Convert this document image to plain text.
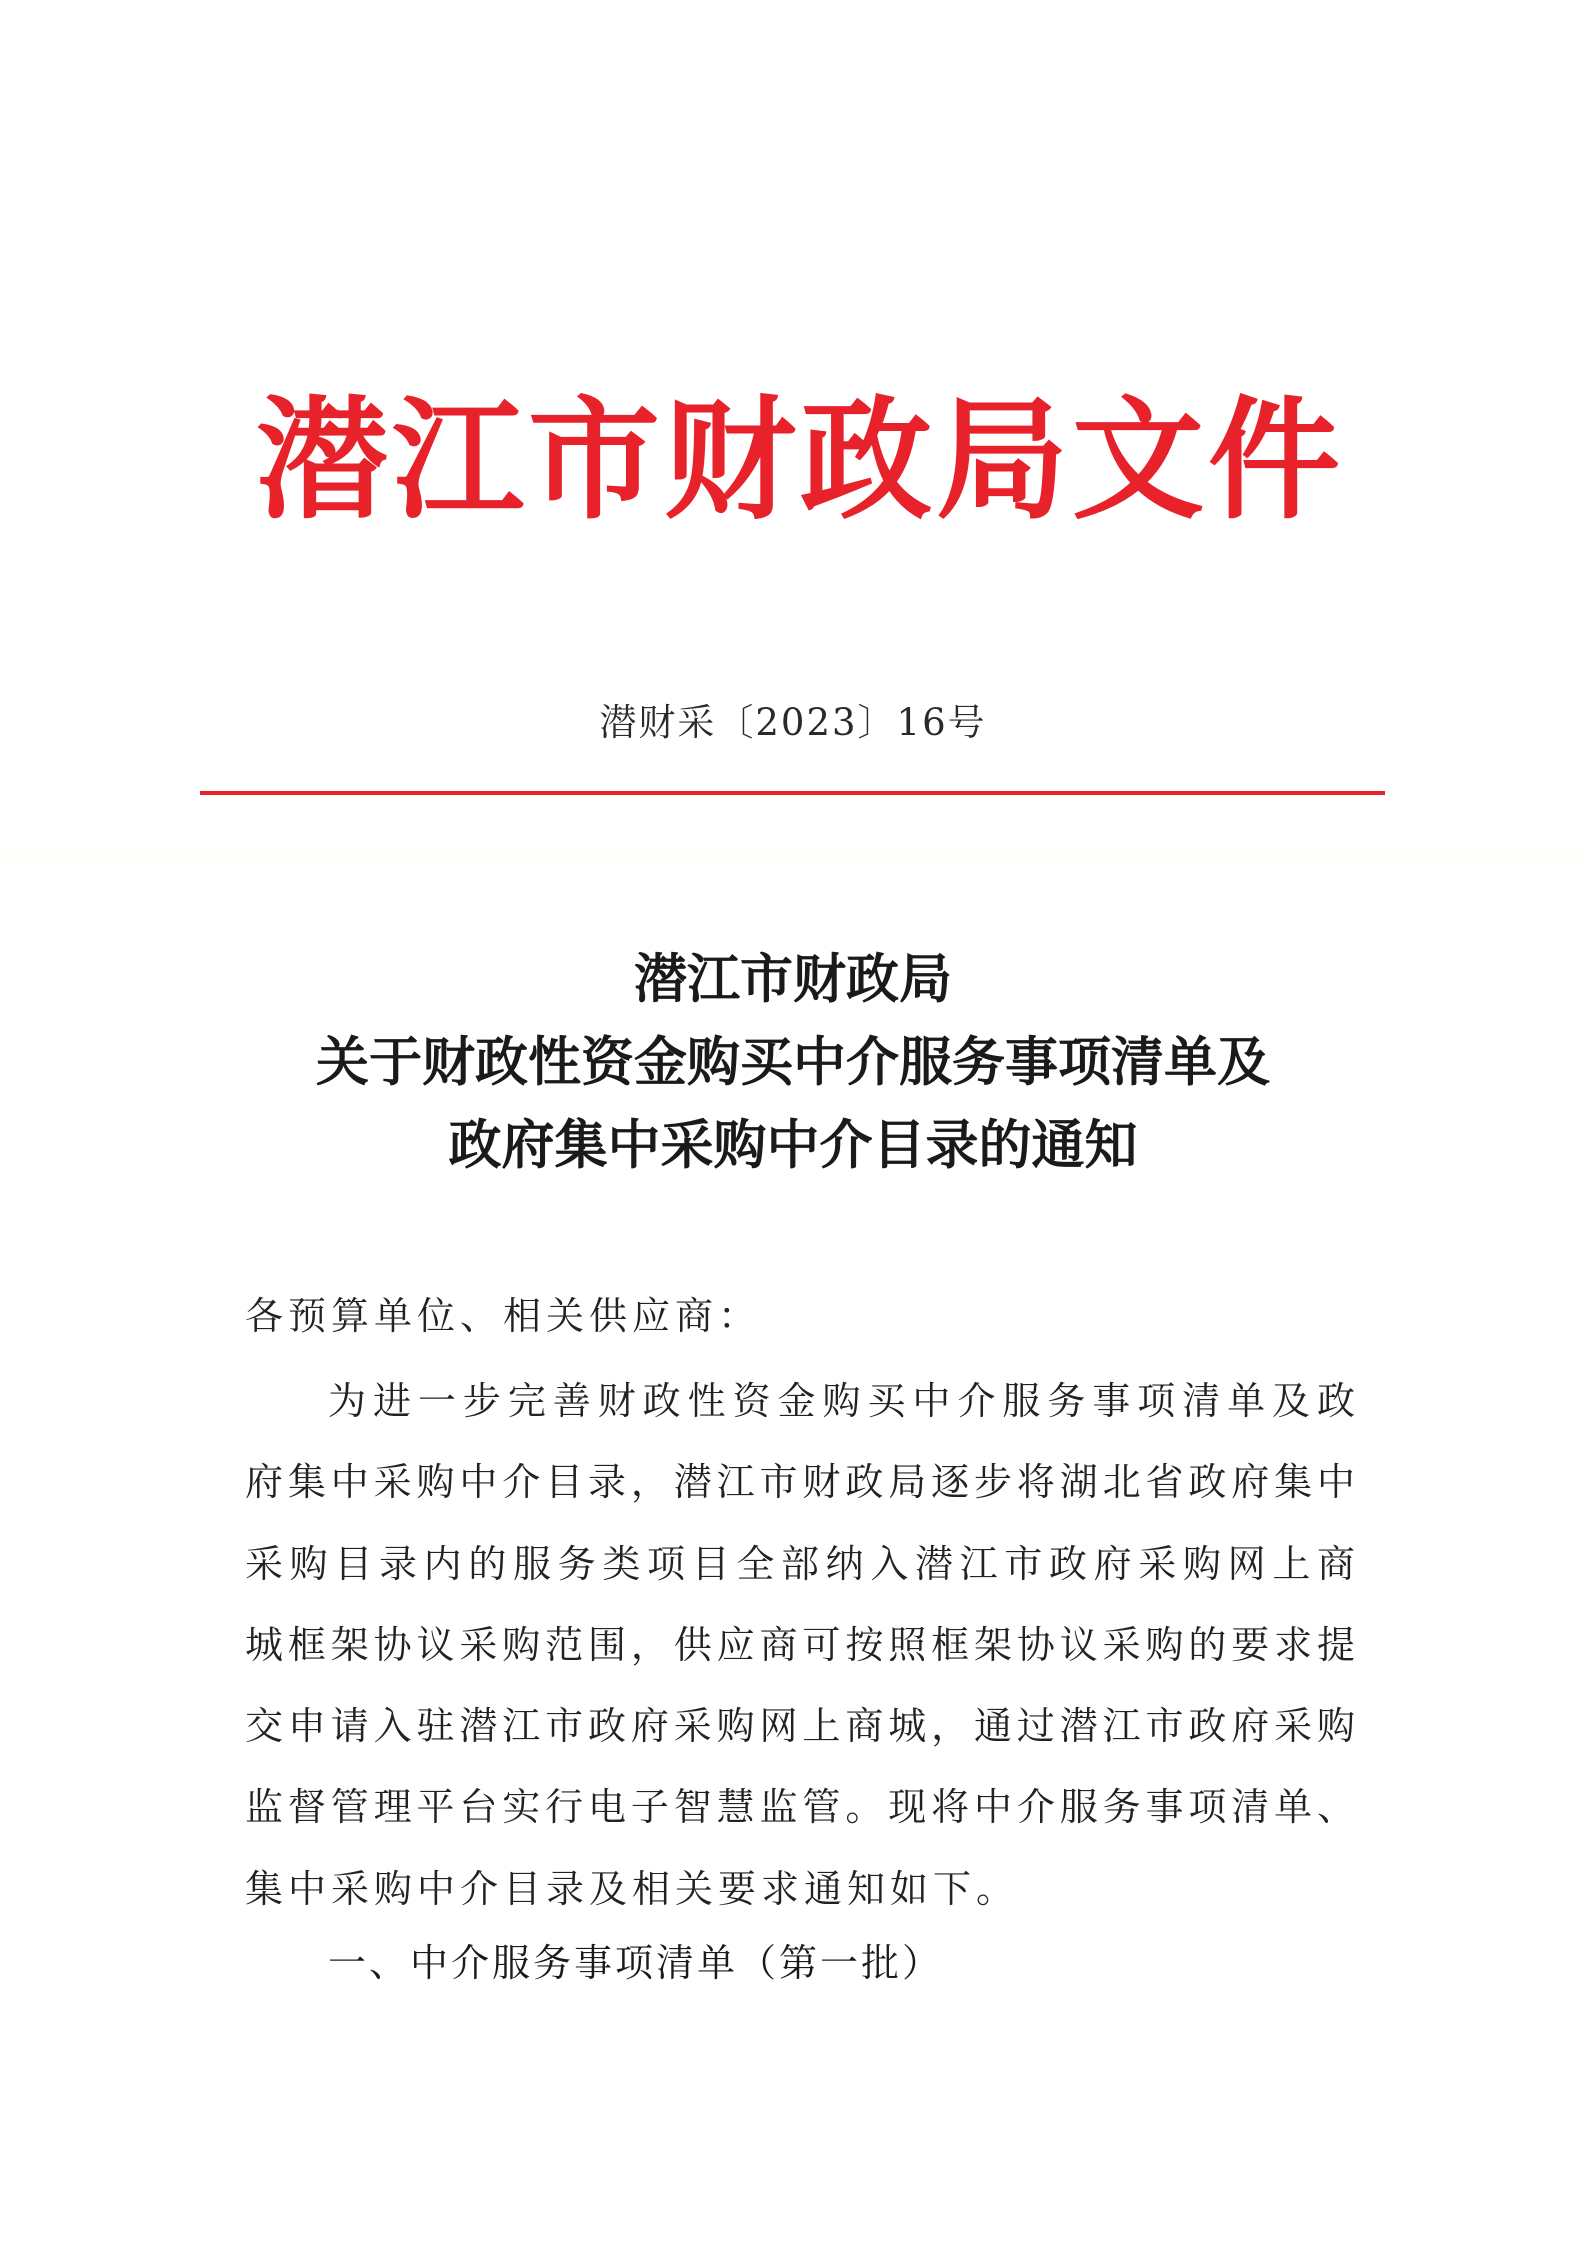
潜江市财政局文件
潜财采〔2023〕16号
潜江市财政局
关于财政性资金购买中介服务事项清单及
政府集中采购中介目录的通知
各预算单位、相关供应商：
为进一步完善财政性资金购买中介服务事项清单及政
府集中采购中介目录，潜江市财政局逐步将湖北省政府集中
采购目录内的服务类项目全部纳入潜江市政府采购网上商
城框架协议采购范围，供应商可按照框架协议采购的要求提
交申请入驻潜江市政府采购网上商城，通过潜江市政府采购
监督管理平台实行电子智慧监管。现将中介服务事项清单、
集中采购中介目录及相关要求通知如下。
一、中介服务事项清单（第一批）
